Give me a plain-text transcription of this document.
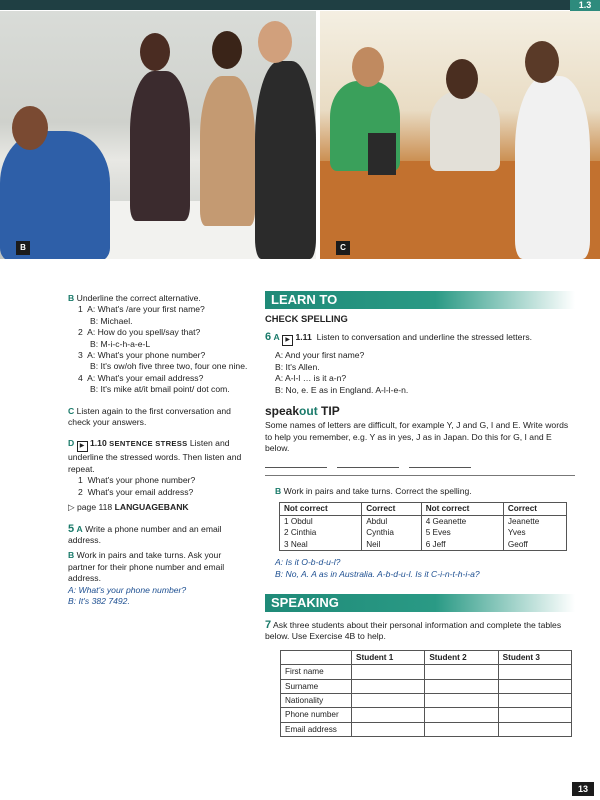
1.3
B	C

B Underline the correct alternative.

1 A: What's /are your first name?

B: Michael.

2 A: How do you spell/say that?

B: M-i-c-h-a-e-L

3 A: What's your phone number?

B: It's ow/oh five three two, four one nine.

4 A: What's your email address?

B: It's mike at/it bmail point/ dot com.

C Listen again to the first conversation and check your answers.

D ▶ 1.10 SENTENCE STRESS Listen and underline the stressed words. Then listen and repeat.

1 What's your phone number?

2 What's your email address?

▷ page 118 LANGUAGEBANK

5 A Write a phone number and an email address.

B Work in pairs and take turns. Ask your partner for their phone number and email address.

A: What's your phone number?

B: It's 382 7492.

LEARN TO

CHECK SPELLING

6 A ▶ 1.11 Listen to conversation and underline the stressed letters.

A: And your first name?

B: It's Allen.

A: A-l-l … is it a-n?

B: No, e. E as in England. A-l-l-e-n.

speakout TIP

Some names of letters are difficult, for example Y, J and G, I and E. Write words to help you remember, e.g. Y as in yes, J as in Japan. Do this for G, I and E below.

B Work in pairs and take turns. Correct the spelling.

Not correct	Correct	Not correct	Correct
1 Obdul	Abdul	4 Geanette	Jeanette
2 Cinthia	Cynthia	5 Eves	Yves
3 Neal	Neil	6 Jeff	Geoff

A: Is it O-b-d-u-l?

B: No, A. A as in Australia. A-b-d-u-l. Is it C-i-n-t-h-i-a?

SPEAKING

7 Ask three students about their personal information and complete the tables below. Use Exercise 4B to help.

	Student 1	Student 2	Student 3
First name			
Surname			
Nationality			
Phone number			
Email address			
13
